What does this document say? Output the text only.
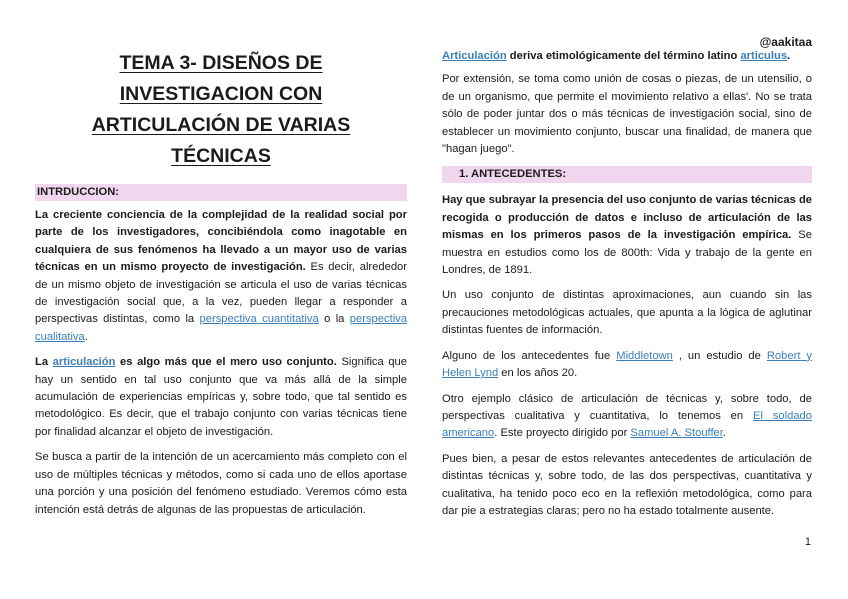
@aakitaa
TEMA 3- DISEÑOS DE
INVESTIGACION CON
ARTICULACIÓN DE VARIAS
TÉCNICAS
INTRDUCCION:

La creciente conciencia de la complejidad de la realidad social por parte de los investigadores, concibiéndola como inagotable en cualquiera de sus fenómenos ha llevado a un mayor uso de varias técnicas en un mismo proyecto de investigación. Es decir, alrededor de un mismo objeto de investigación se articula el uso de varias técnicas de investigación social que, a la vez, pueden llegar a responder a perspectivas distintas, como la perspectiva cuantitativa o la perspectiva cualitativa.

La articulación es algo más que el mero uso conjunto. Significa que hay un sentido en tal uso conjunto que va más allá de la simple acumulación de experiencias empíricas y, sobre todo, que tal sentido es metodológico. Es decir, que el trabajo conjunto con varias técnicas tiene por finalidad alcanzar el objeto de investigación.

Se busca a partir de la intención de un acercamiento más completo con el uso de múltiples técnicas y métodos, como si cada uno de ellos aportase una porción y una posición del fenómeno estudiado. Veremos cómo esta intención está detrás de algunas de las propuestas de articulación.

Articulación deriva etimológicamente del término latino articulus.

Por extensión, se toma como unión de cosas o piezas, de un utensilio, o de un organismo, que permite el movimiento relativo a ellas'. No se trata sólo de poder juntar dos o más técnicas de investigación social, sino de establecer un movimiento conjunto, buscar una finalidad, de manera que "hagan juego".

1. ANTECEDENTES:

Hay que subrayar la presencia del uso conjunto de varias técnicas de recogida o producción de datos e incluso de articulación de las mismas en los primeros pasos de la investigación empírica. Se muestra en estudios como los de 800th: Vida y trabajo de la gente en Londres, de 1891.

Un uso conjunto de distintas aproximaciones, aun cuando sin las precauciones metodológicas actuales, que apunta a la lógica de aglutinar distintas fuentes de información.

Alguno de los antecedentes fue Middletown , un estudio de Robert y Helen Lynd en los años 20.

Otro ejemplo clásico de articulación de técnicas y, sobre todo, de perspectivas cualitativa y cuantitativa, lo tenemos en El soldado americano. Este proyecto dirigido por Samuel A. Stouffer.

Pues bien, a pesar de estos relevantes antecedentes de articulación de distintas técnicas y, sobre todo, de las dos perspectivas, cuantitativa y cualitativa, ha tenido poco eco en la reflexión metodológica, como para dar pie a estrategias claras; pero no ha estado totalmente ausente.

1
